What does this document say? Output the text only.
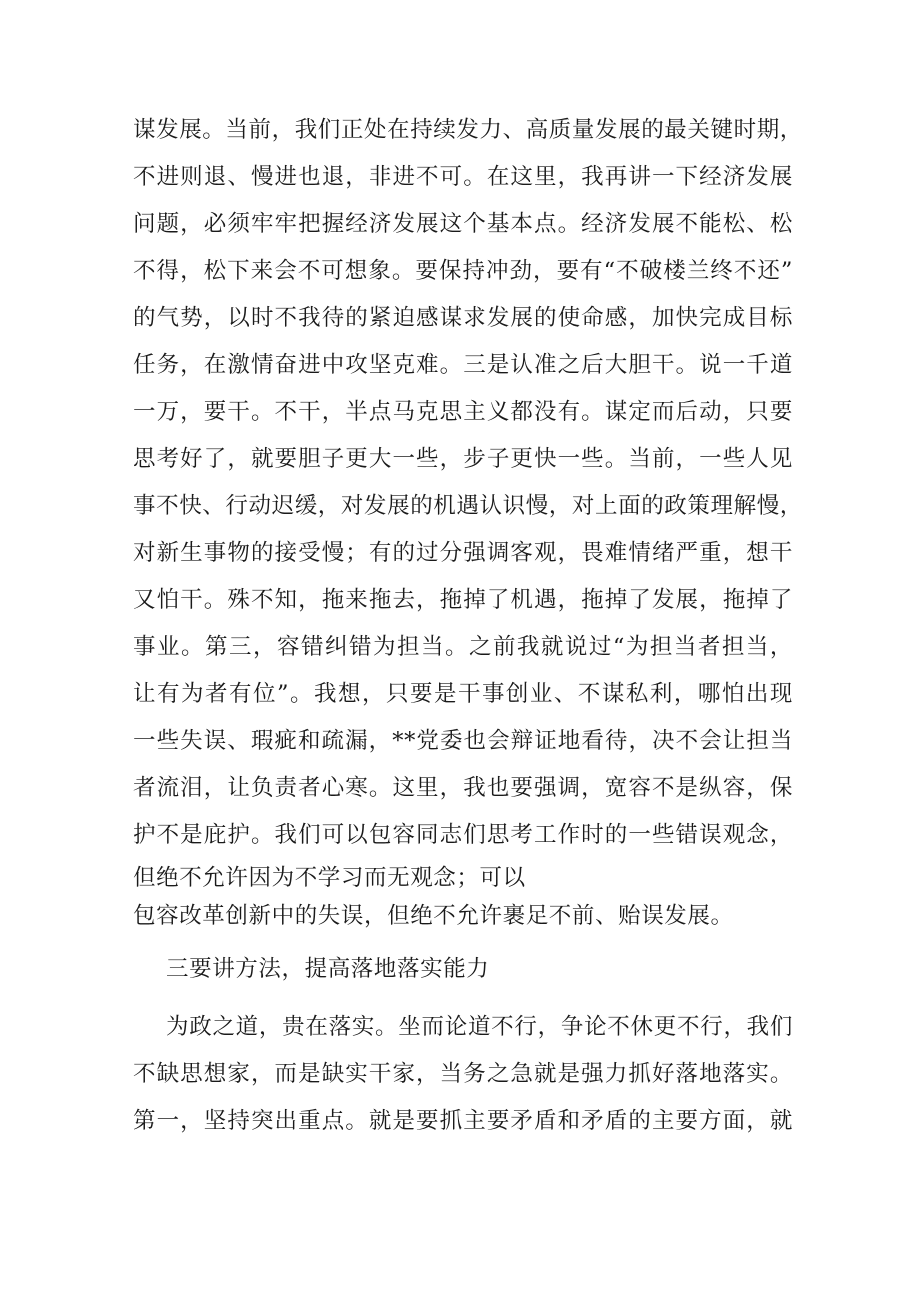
谋发展。当前，我们正处在持续发力、高质量发展的最关键时期，
不进则退、慢进也退，非进不可。在这里，我再讲一下经济发展
问题，必须牢牢把握经济发展这个基本点。经济发展不能松、松
不得，松下来会不可想象。要保持冲劲，要有“不破楼兰终不还”
的气势，以时不我待的紧迫感谋求发展的使命感，加快完成目标
任务，在激情奋进中攻坚克难。三是认准之后大胆干。说一千道
一万，要干。不干，半点马克思主义都没有。谋定而后动，只要
思考好了，就要胆子更大一些，步子更快一些。当前，一些人见
事不快、行动迟缓，对发展的机遇认识慢，对上面的政策理解慢，
对新生事物的接受慢；有的过分强调客观，畏难情绪严重，想干
又怕干。殊不知，拖来拖去，拖掉了机遇，拖掉了发展，拖掉了
事业。第三，容错纠错为担当。之前我就说过“为担当者担当，
让有为者有位”。我想，只要是干事创业、不谋私利，哪怕出现
一些失误、瑕疵和疏漏，**党委也会辩证地看待，决不会让担当
者流泪，让负责者心寒。这里，我也要强调，宽容不是纵容，保
护不是庇护。我们可以包容同志们思考工作时的一些错误观念，
但绝不允许因为不学习而无观念；可以
包容改革创新中的失误，但绝不允许裹足不前、贻误发展。
三要讲方法，提高落地落实能力
为政之道，贵在落实。坐而论道不行，争论不休更不行，我们
不缺思想家，而是缺实干家，当务之急就是强力抓好落地落实。
第一，坚持突出重点。就是要抓主要矛盾和矛盾的主要方面，就
